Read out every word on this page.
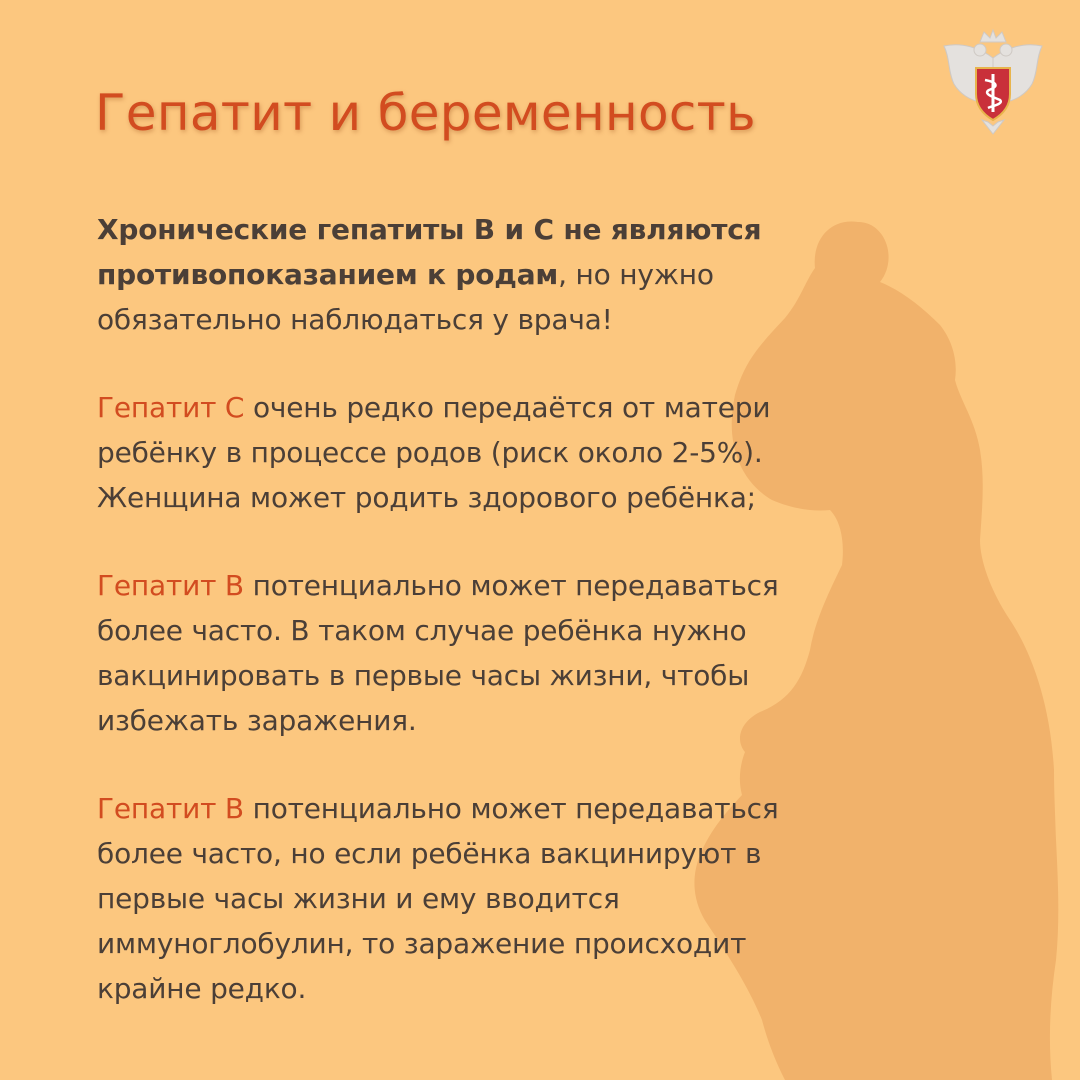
Гепатит и беременность

Хронические гепатиты В и С не являются
противопоказанием к родам, но нужно
обязательно наблюдаться у врача!

Гепатит С очень редко передаётся от матери
ребёнку в процессе родов (риск около 2-5%).
Женщина может родить здорового ребёнка;

Гепатит В потенциально может передаваться
более часто. В таком случае ребёнка нужно
вакцинировать в первые часы жизни, чтобы
избежать заражения.

Гепатит В потенциально может передаваться
более часто, но если ребёнка вакцинируют в
первые часы жизни и ему вводится
иммуноглобулин, то заражение происходит
крайне редко.
